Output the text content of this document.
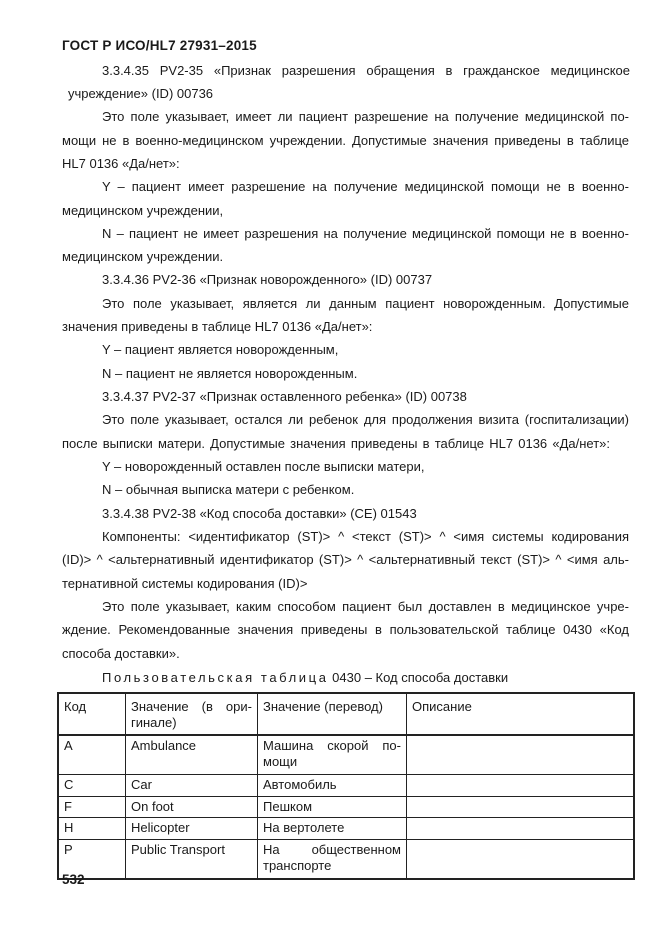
ГОСТ Р ИСО/HL7 27931–2015
3.3.4.35 PV2-35 «Признак разрешения обращения в гражданское медицинское
учреждение» (ID) 00736
Это поле указывает, имеет ли пациент разрешение на получение медицинской по-
мощи не в военно-медицинском учреждении. Допустимые значения приведены в таблице
HL7 0136 «Да/нет»:
Y – пациент имеет разрешение на получение медицинской помощи не в военно-
медицинском учреждении,
N – пациент не имеет разрешения на получение медицинской помощи не в военно-
медицинском учреждении.
3.3.4.36 PV2-36 «Признак новорожденного» (ID) 00737
Это поле указывает, является ли данным пациент новорожденным. Допустимые
значения приведены в таблице HL7 0136 «Да/нет»:
Y – пациент является новорожденным,
N – пациент не является новорожденным.
3.3.4.37 PV2-37 «Признак оставленного ребенка» (ID) 00738
Это поле указывает, остался ли ребенок для продолжения визита (госпитализации)
после выписки матери. Допустимые значения приведены в таблице HL7 0136 «Да/нет»:
Y – новорожденный оставлен после выписки матери,
N – обычная выписка матери с ребенком.
3.3.4.38 PV2-38 «Код способа доставки» (CE) 01543
Компоненты: <идентификатор (ST)> ^ <текст (ST)> ^ <имя системы кодирования
(ID)> ^ <альтернативный идентификатор (ST)> ^ <альтернативный текст (ST)> ^ <имя аль-
тернативной системы кодирования (ID)>
Это поле указывает, каким способом пациент был доставлен в медицинское учре-
ждение. Рекомендованные значения приведены в пользовательской таблице 0430 «Код
способа доставки».
Пользовательская таблица 0430 – Код способа доставки
Код	Значение (в ори-
гинале)	Значение (перевод)	Описание
A	Ambulance	Машина скорой по-
мощи	

C	Car	Автомобиль	
F	On foot	Пешком	
H	Helicopter	На вертолете	
P	Public Transport	На общественном
транспорте	

532
